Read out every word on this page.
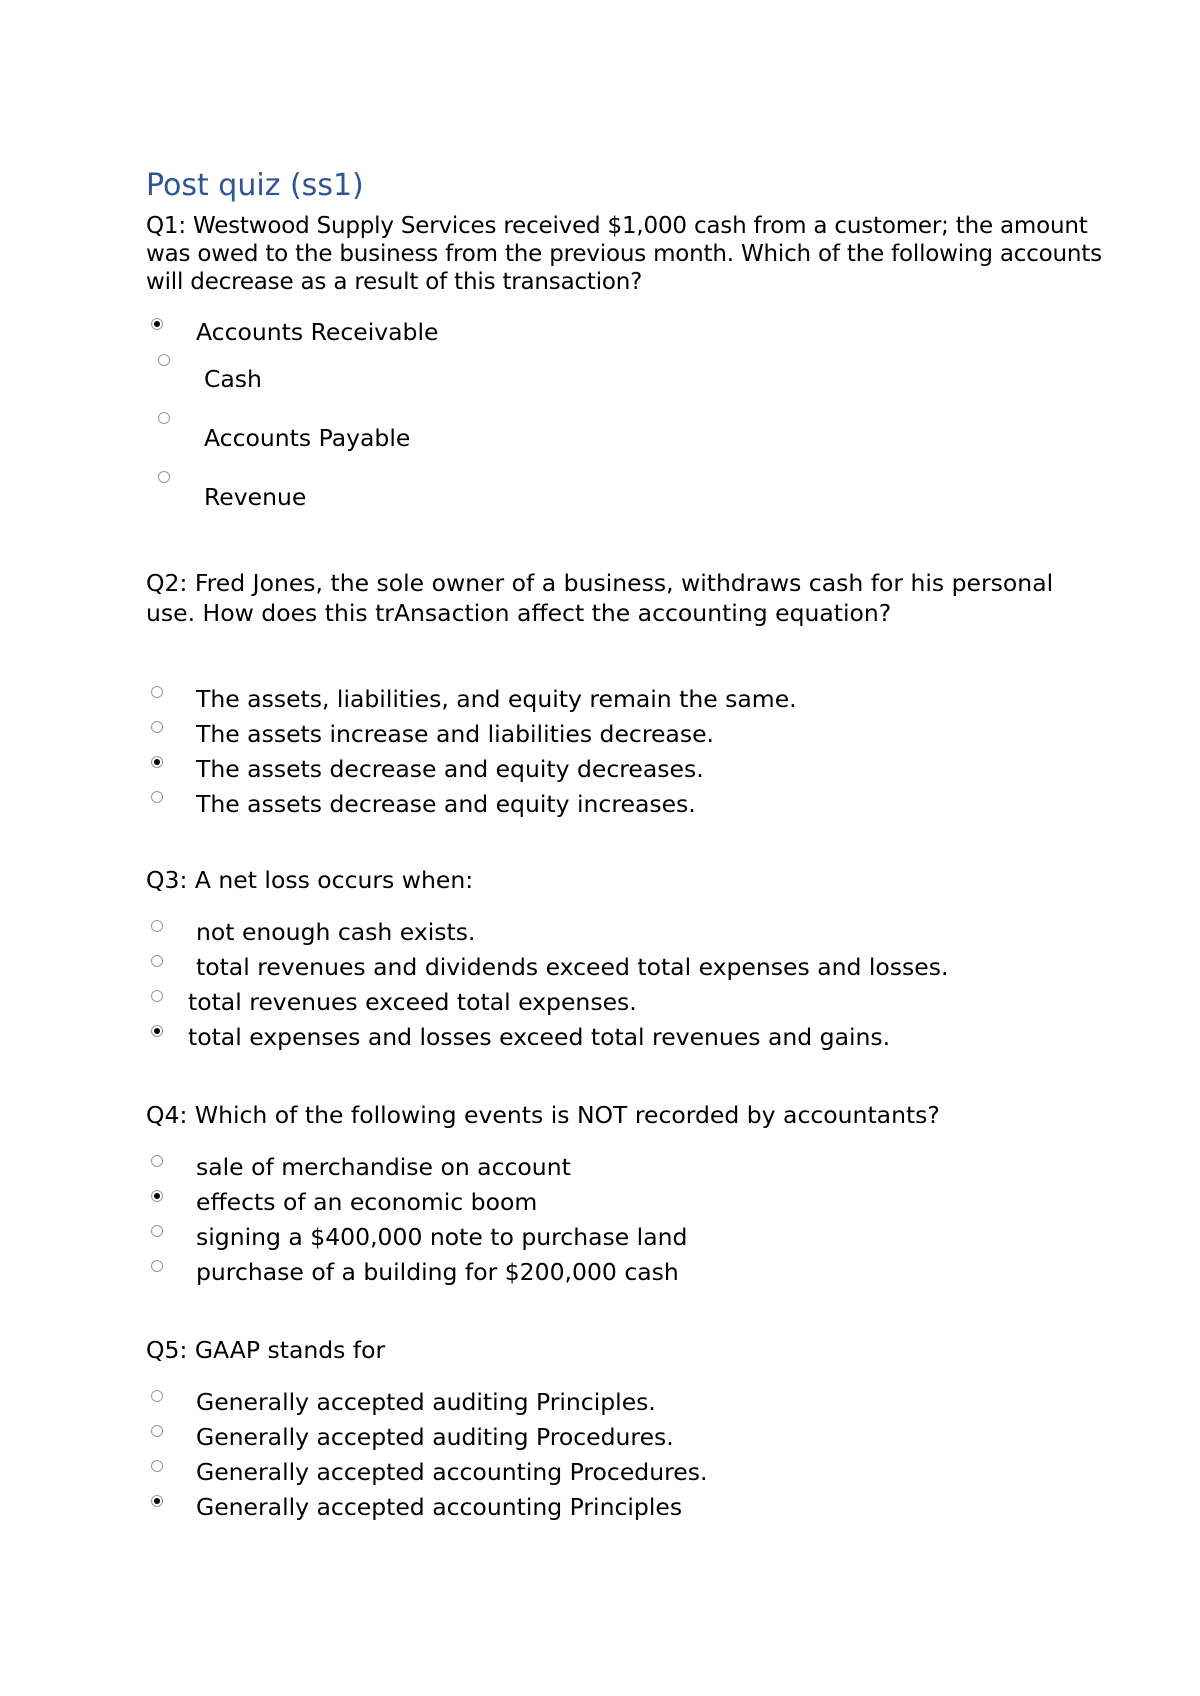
Post quiz (ss1)

Q1: Westwood Supply Services received $1,000 cash from a customer; the amount was owed to the business from the previous month. Which of the following accounts will decrease as a result of this transaction?

Accounts Receivable
Cash
Accounts Payable
Revenue

Q2: Fred Jones, the sole owner of a business, withdraws cash for his personal use. How does this trAnsaction affect the accounting equation?

The assets, liabilities, and equity remain the same.
The assets increase and liabilities decrease.
The assets decrease and equity decreases.
The assets decrease and equity increases.

Q3: A net loss occurs when:

not enough cash exists.
total revenues and dividends exceed total expenses and losses.
total revenues exceed total expenses.
total expenses and losses exceed total revenues and gains.

Q4: Which of the following events is NOT recorded by accountants?

sale of merchandise on account
effects of an economic boom
signing a $400,000 note to purchase land
purchase of a building for $200,000 cash

Q5: GAAP stands for

Generally accepted auditing Principles.
Generally accepted auditing Procedures.
Generally accepted accounting Procedures.
Generally accepted accounting Principles
